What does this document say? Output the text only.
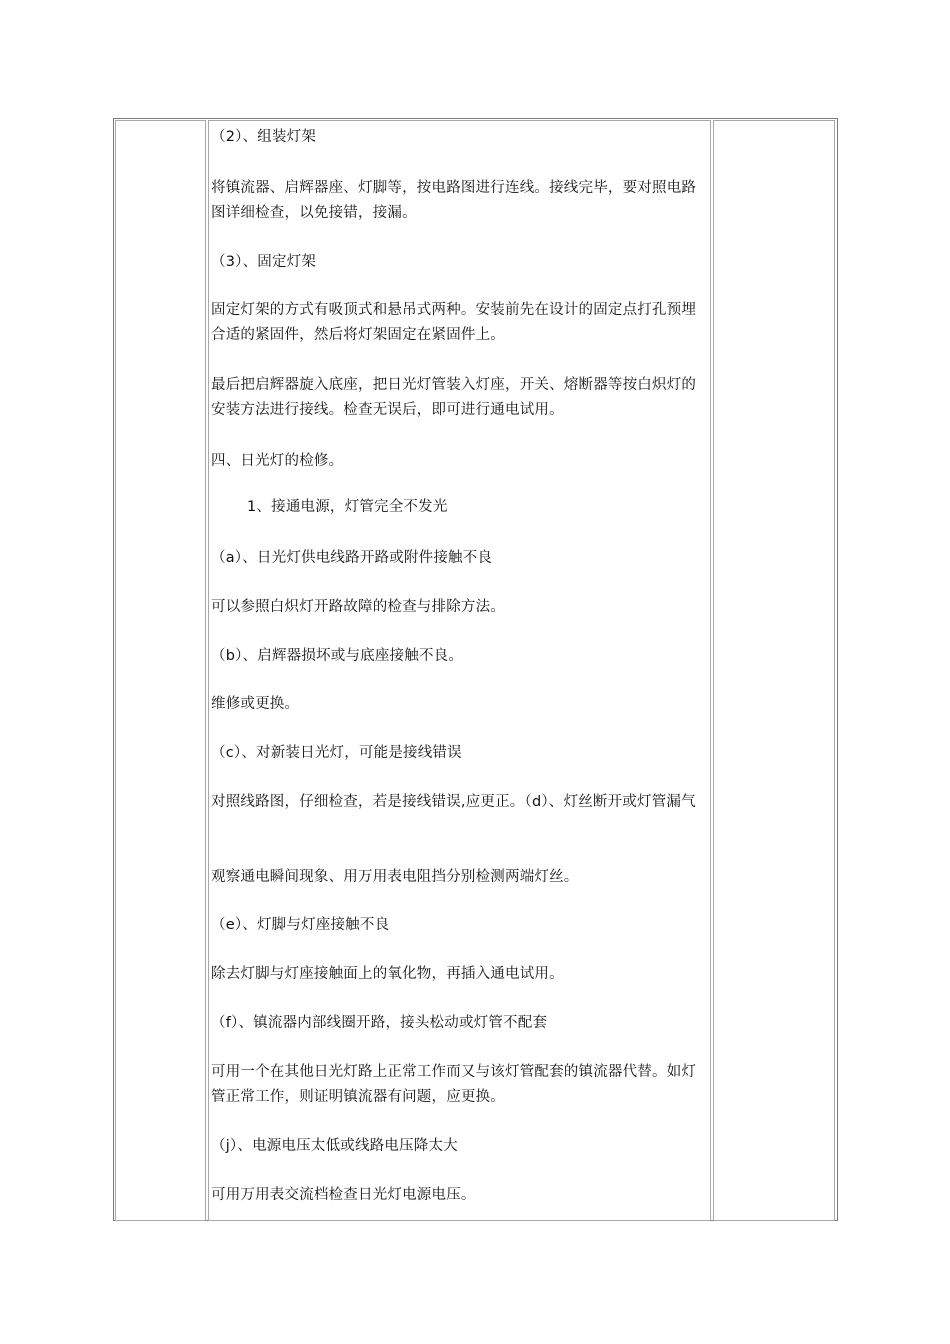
（2）、组装灯架

将镇流器、启辉器座、灯脚等，按电路图进行连线。接线完毕，要对照电路图详细检查，以免接错，接漏。

（3）、固定灯架

固定灯架的方式有吸顶式和悬吊式两种。安装前先在设计的固定点打孔预埋合适的紧固件，然后将灯架固定在紧固件上。

最后把启辉器旋入底座，把日光灯管装入灯座，开关、熔断器等按白炽灯的安装方法进行接线。检查无误后，即可进行通电试用。

四、日光灯的检修。

1、接通电源，灯管完全不发光

（a）、日光灯供电线路开路或附件接触不良

可以参照白炽灯开路故障的检查与排除方法。

（b）、启辉器损坏或与底座接触不良。

维修或更换。

（c）、对新装日光灯，可能是接线错误

对照线路图，仔细检查，若是接线错误,应更正。（d）、灯丝断开或灯管漏气

观察通电瞬间现象、用万用表电阻挡分别检测两端灯丝。

（e）、灯脚与灯座接触不良

除去灯脚与灯座接触面上的氧化物，再插入通电试用。

（f）、镇流器内部线圈开路，接头松动或灯管不配套

可用一个在其他日光灯路上正常工作而又与该灯管配套的镇流器代替。如灯管正常工作，则证明镇流器有问题，应更换。

（j）、电源电压太低或线路电压降太大

可用万用表交流档检查日光灯电源电压。
